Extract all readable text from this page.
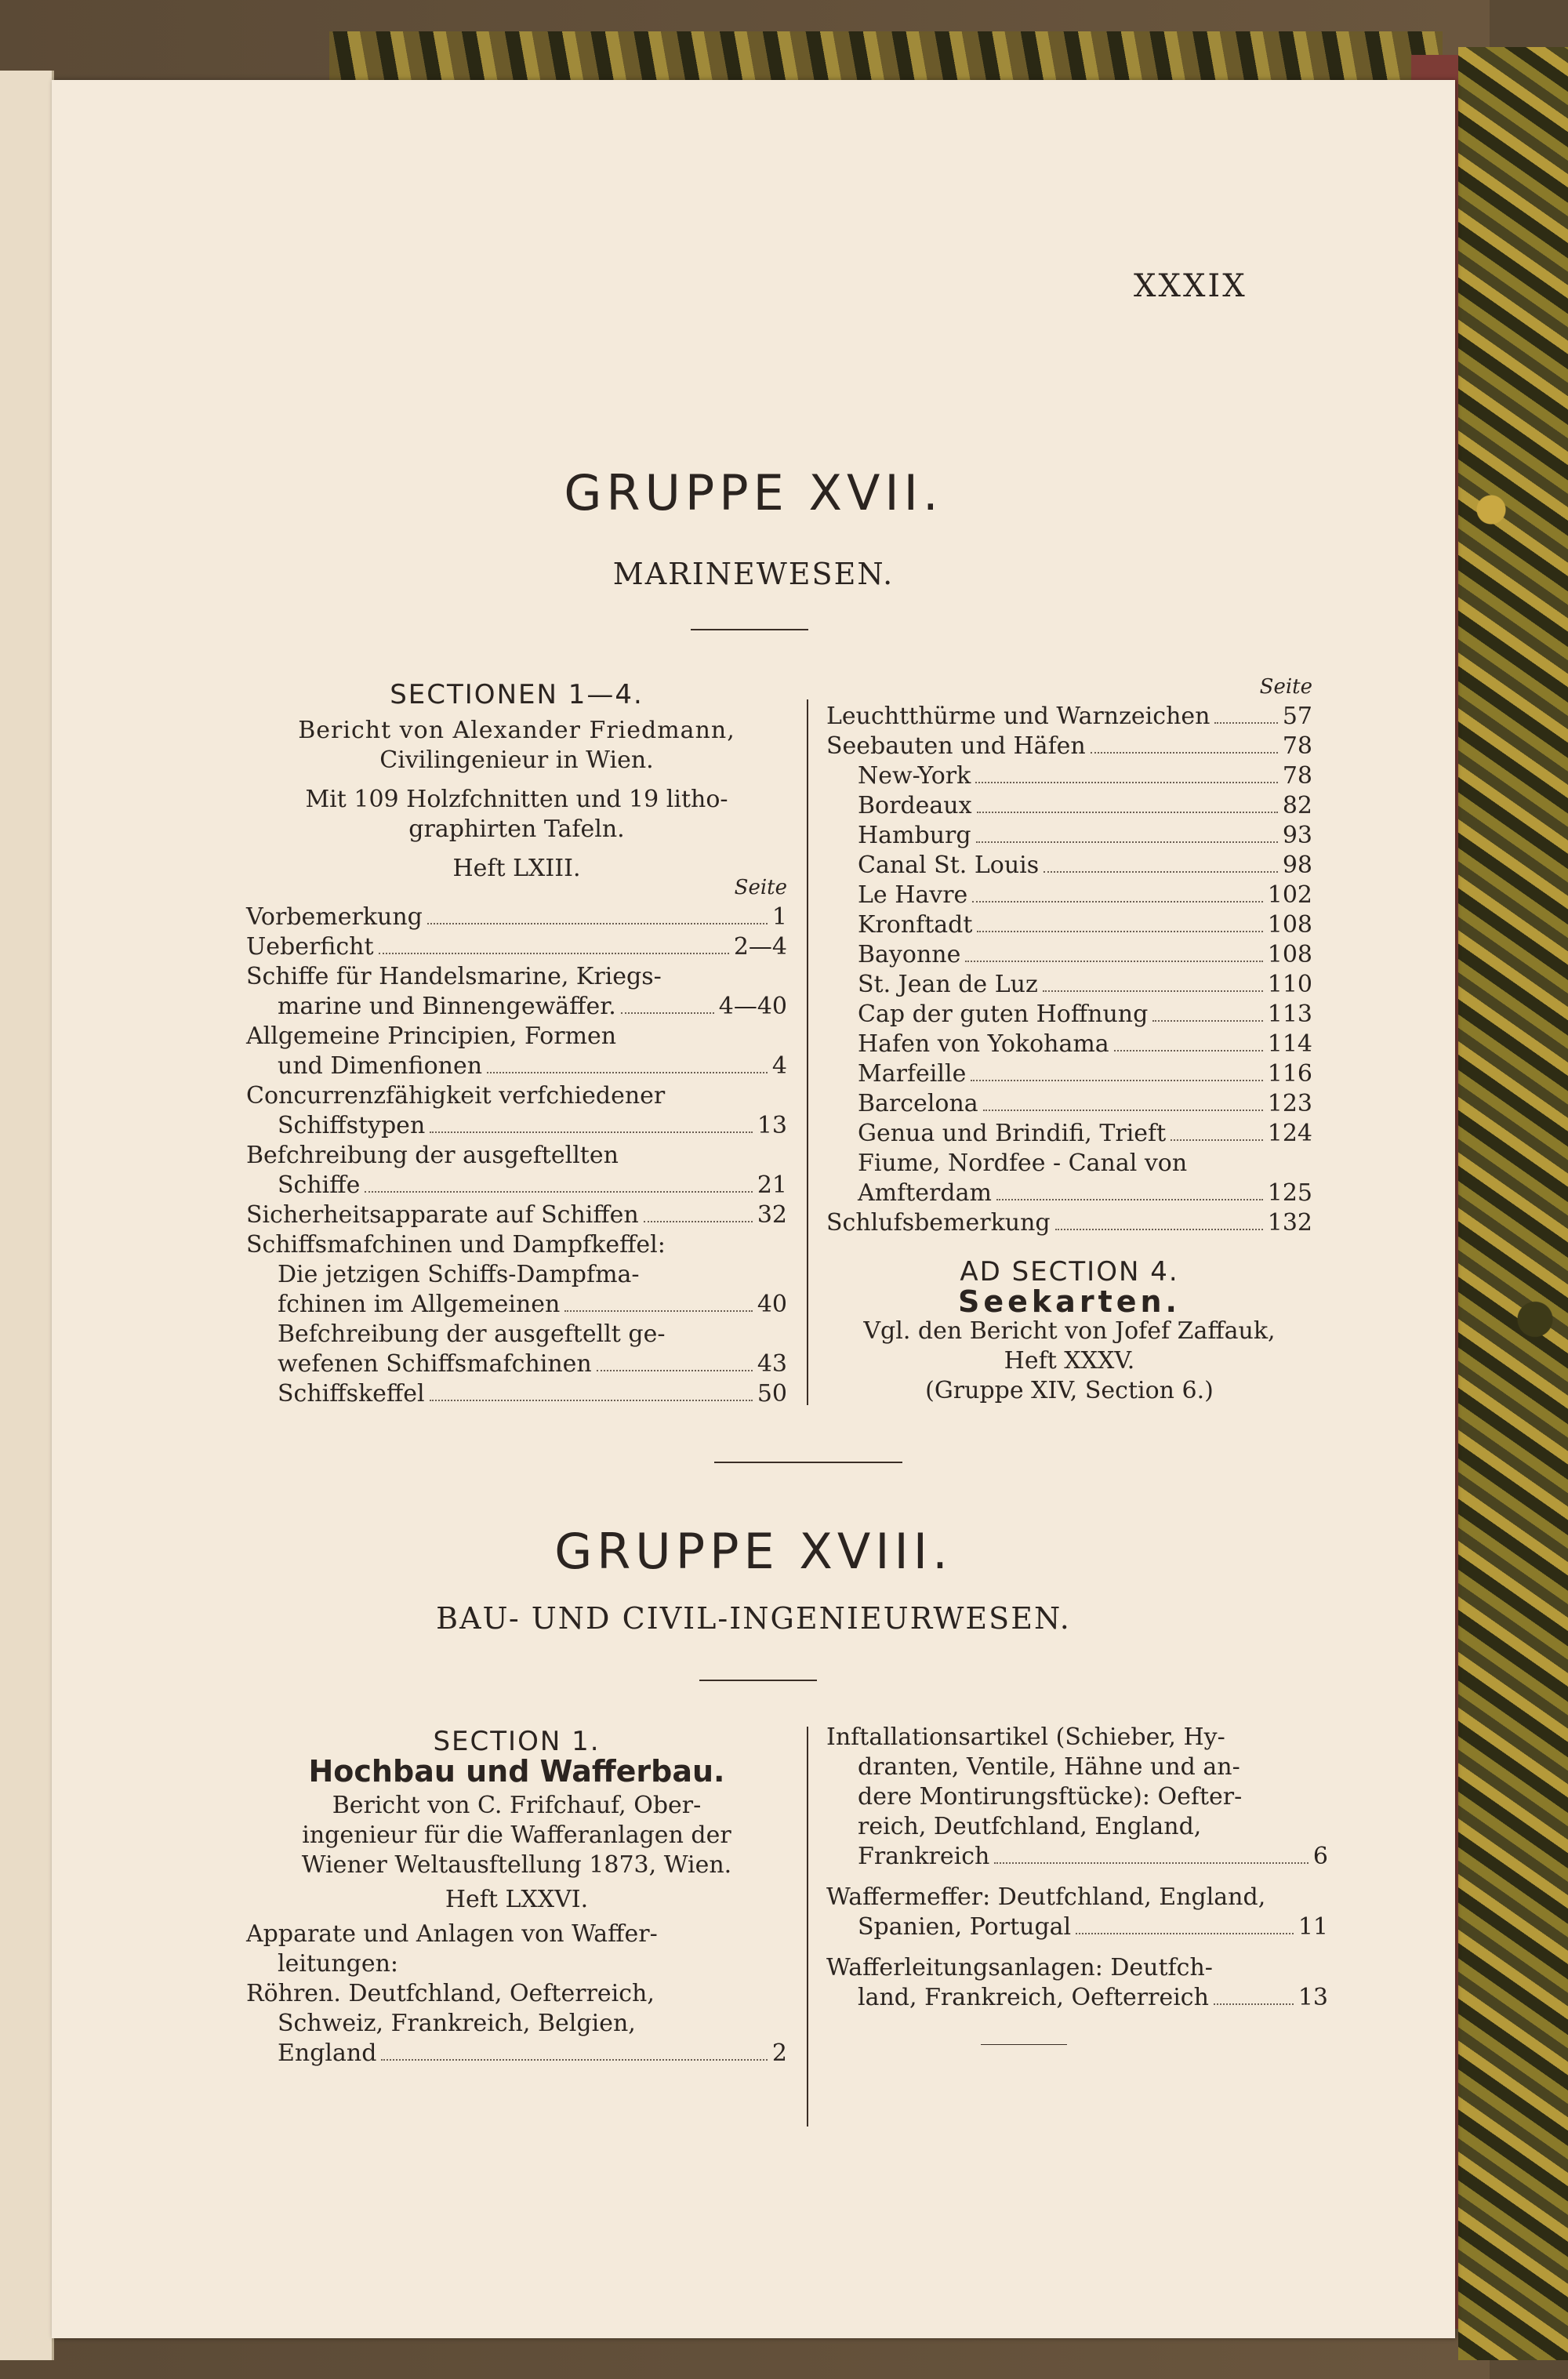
XXXIX
GRUPPE XVII.
MARINEWESEN.
SECTIONEN 1—4.
Bericht von Alexander Friedmann,
Civilingenieur in Wien.
Mit 109 Holzfchnitten und 19 litho-
graphirten Tafeln.
Heft LXIII.
Seite
Vorbemerkung	1
Ueberficht	2—4
Schiffe für Handelsmarine, Kriegs-
marine und Binnengewäffer.	4—40
Allgemeine Principien, Formen
und Dimenfionen	4
Concurrenzfähigkeit verfchiedener
Schiffstypen	13
Befchreibung der ausgeftellten
Schiffe	21
Sicherheitsapparate auf Schiffen	32
Schiffsmafchinen und Dampfkeffel:
Die jetzigen Schiffs-Dampfma-
fchinen im Allgemeinen	40
Befchreibung der ausgeftellt ge-
wefenen Schiffsmafchinen	43
Schiffskeffel	50
Seite
Leuchtthürme und Warnzeichen	57
Seebauten und Häfen	78
New-York	78
Bordeaux	82
Hamburg	93
Canal St. Louis	98
Le Havre	102
Kronftadt	108
Bayonne	108
St. Jean de Luz	110
Cap der guten Hoffnung	113
Hafen von Yokohama	114
Marfeille	116
Barcelona	123
Genua und Brindifi, Trieft	124
Fiume, Nordfee - Canal von
Amfterdam	125
Schlufsbemerkung	132
AD SECTION 4.
Seekarten.
Vgl. den Bericht von Jofef Zaffauk,
Heft XXXV.
(Gruppe XIV, Section 6.)
GRUPPE XVIII.
BAU- UND CIVIL-INGENIEURWESEN.
SECTION 1.
Hochbau und Wafferbau.
Bericht von C. Frifchauf, Ober-
ingenieur für die Wafferanlagen der
Wiener Weltausftellung 1873, Wien.
Heft LXXVI.
Apparate und Anlagen von Waffer-
leitungen:
Röhren. Deutfchland, Oefterreich,
Schweiz, Frankreich, Belgien,
England	2
Inftallationsartikel (Schieber, Hy-
dranten, Ventile, Hähne und an-
dere Montirungsftücke): Oefter-
reich, Deutfchland, England,
Frankreich	6
Waffermeffer: Deutfchland, England,
Spanien, Portugal	11
Wafferleitungsanlagen: Deutfch-
land, Frankreich, Oefterreich	13
